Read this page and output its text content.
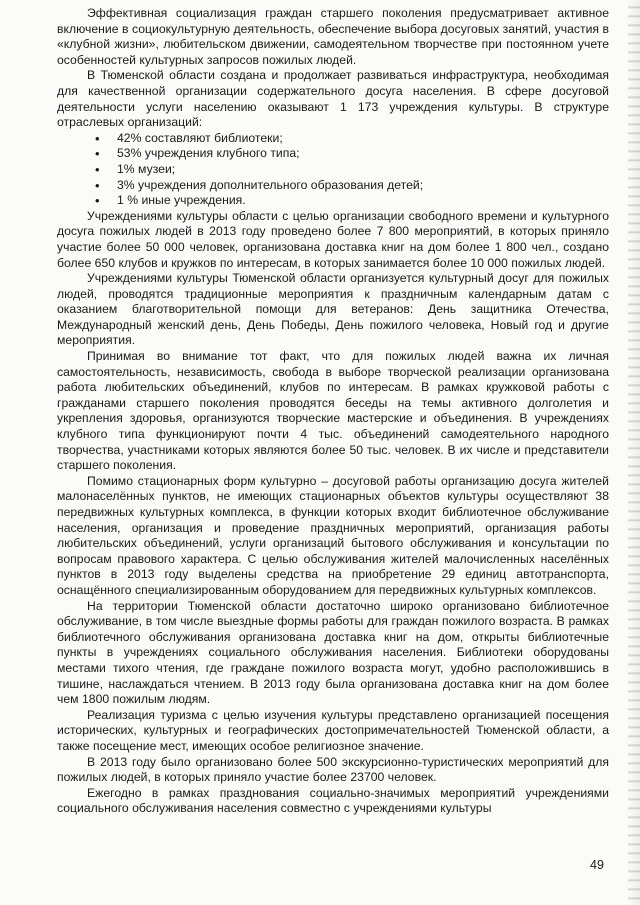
Эффективная социализация граждан старшего поколения предусматривает активное включение в социокультурную деятельность, обеспечение выбора досуговых занятий, участия в «клубной жизни», любительском движении, самодеятельном творчестве при постоянном учете особенностей культурных запросов пожилых людей.

В Тюменской области создана и продолжает развиваться инфраструктура, необходимая для качественной организации содержательного досуга населения. В сфере досуговой деятельности услуги населению оказывают 1 173 учреждения культуры. В структуре отраслевых организаций:

• 42% составляют библиотеки;
• 53% учреждения клубного типа;
• 1% музеи;
• 3% учреждения дополнительного образования детей;
• 1 % иные учреждения.

Учреждениями культуры области с целью организации свободного времени и культурного досуга пожилых людей в 2013 году проведено более 7 800 мероприятий, в которых приняло участие более 50 000 человек, организована доставка книг на дом более 1 800 чел., создано более 650 клубов и кружков по интересам, в которых занимается более 10 000 пожилых людей.

Учреждениями культуры Тюменской области организуется культурный досуг для пожилых людей, проводятся традиционные мероприятия к праздничным календарным датам с оказанием благотворительной помощи для ветеранов: День защитника Отечества, Международный женский день, День Победы, День пожилого человека, Новый год и другие мероприятия.

Принимая во внимание тот факт, что для пожилых людей важна их личная самостоятельность, независимость, свобода в выборе творческой реализации организована работа любительских объединений, клубов по интересам. В рамках кружковой работы с гражданами старшего поколения проводятся беседы на темы активного долголетия и укрепления здоровья, организуются творческие мастерские и объединения. В учреждениях клубного типа функционируют почти 4 тыс. объединений самодеятельного народного творчества, участниками которых являются более 50 тыс. человек. В их числе и представители старшего поколения.

Помимо стационарных форм культурно – досуговой работы организацию досуга жителей малонаселённых пунктов, не имеющих стационарных объектов культуры осуществляют 38 передвижных культурных комплекса, в функции которых входит библиотечное обслуживание населения, организация и проведение праздничных мероприятий, организация работы любительских объединений, услуги организаций бытового обслуживания и консультации по вопросам правового характера. С целью обслуживания жителей малочисленных населённых пунктов в 2013 году выделены средства на приобретение 29 единиц автотранспорта, оснащённого специализированным оборудованием для передвижных культурных комплексов.

На территории Тюменской области достаточно широко организовано библиотечное обслуживание, в том числе выездные формы работы для граждан пожилого возраста. В рамках библиотечного обслуживания организована доставка книг на дом, открыты библиотечные пункты в учреждениях социального обслуживания населения. Библиотеки оборудованы местами тихого чтения, где граждане пожилого возраста могут, удобно расположившись в тишине, наслаждаться чтением. В 2013 году была организована доставка книг на дом более чем 1800 пожилым людям.

Реализация туризма с целью изучения культуры представлено организацией посещения исторических, культурных и географических достопримечательностей Тюменской области, а также посещение мест, имеющих особое религиозное значение.

В 2013 году было организовано более 500 экскурсионно-туристических мероприятий для пожилых людей, в которых приняло участие более 23700 человек.

Ежегодно в рамках празднования социально-значимых мероприятий учреждениями социального обслуживания населения совместно с учреждениями культуры

49
